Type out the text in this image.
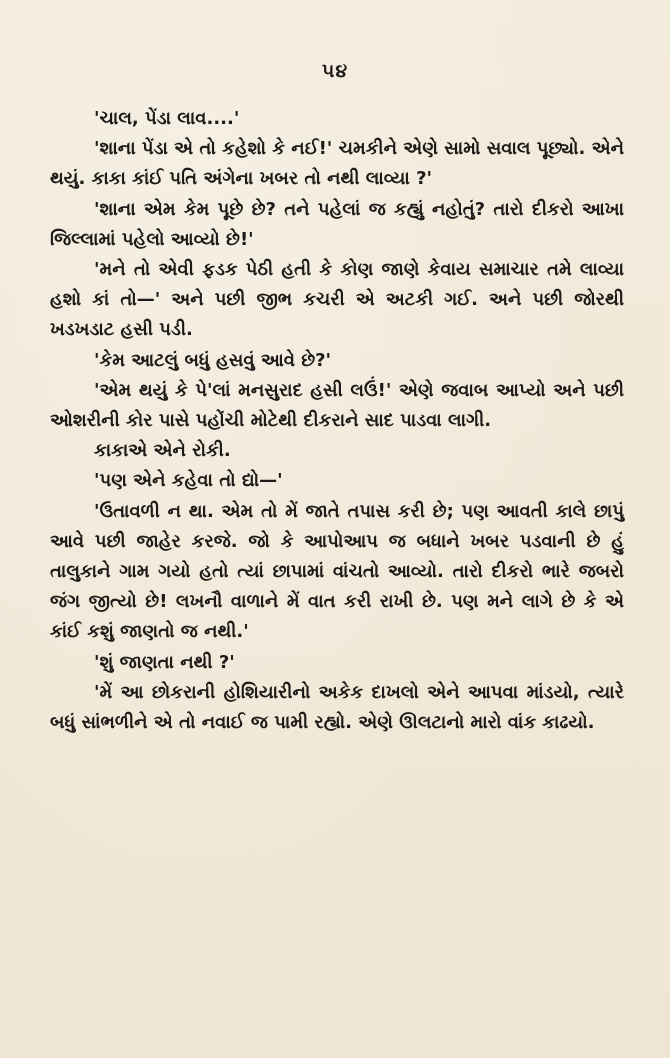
૫૪

'ચાલ, પેંડા લાવ....'

'શાના પેંડા એ તો કહેશો કે નઈ!' ચમકીને એણે સામો સવાલ પૂછ્યો. એને થયું. કાકા કાંઈ પતિ અંગેના ખબર તો નથી લાવ્યા ?'

'શાના એમ કેમ પૂછે છે? તને પહેલાં જ કહ્યું નહોતું? તારો દીકરો આખા જિલ્લામાં પહેલો આવ્યો છે!'

'મને તો એવી ફડક પેઠી હતી કે કોણ જાણે કેવાય સમાચાર તમે લાવ્યા હશો કાં તો—' અને પછી જીભ કચરી એ અટકી ગઈ. અને પછી જોરથી ખડખડાટ હસી પડી.

'કેમ આટલું બધું હસવું આવે છે?'

'એમ થયું કે પે'લાં મનસુરાદ હસી લઉં!' એણે જવાબ આપ્યો અને પછી ઓશરીની કોર પાસે પહોંચી મોટેથી દીકરાને સાદ પાડવા લાગી.

કાકાએ એને રોકી.

'પણ એને કહેવા તો દ્યો—'

'ઉતાવળી ન થા. એમ તો મેં જાતે તપાસ કરી છે; પણ આવતી કાલે છાપું આવે પછી જાહેર કરજે. જો કે આપોઆપ જ બધાને ખબર પડવાની છે હું તાલુકાને ગામ ગયો હતો ત્યાં છાપામાં વાંચતો આવ્યો. તારો દીકરો ભારે જબરો જંગ જીત્યો છે! લખનૌ વાળાને મેં વાત કરી રાખી છે. પણ મને લાગે છે કે એ કાંઈ કશું જાણતો જ નથી.'

'શું જાણતા નથી ?'

'મેં આ છોકરાની હોશિયારીનો અકેક દાખલો એને આપવા માંડયો, ત્યારે બધું સાંભળીને એ તો નવાઈ જ પામી રહ્યો. એણે ઊલટાનો મારો વાંક કાઢયો.
